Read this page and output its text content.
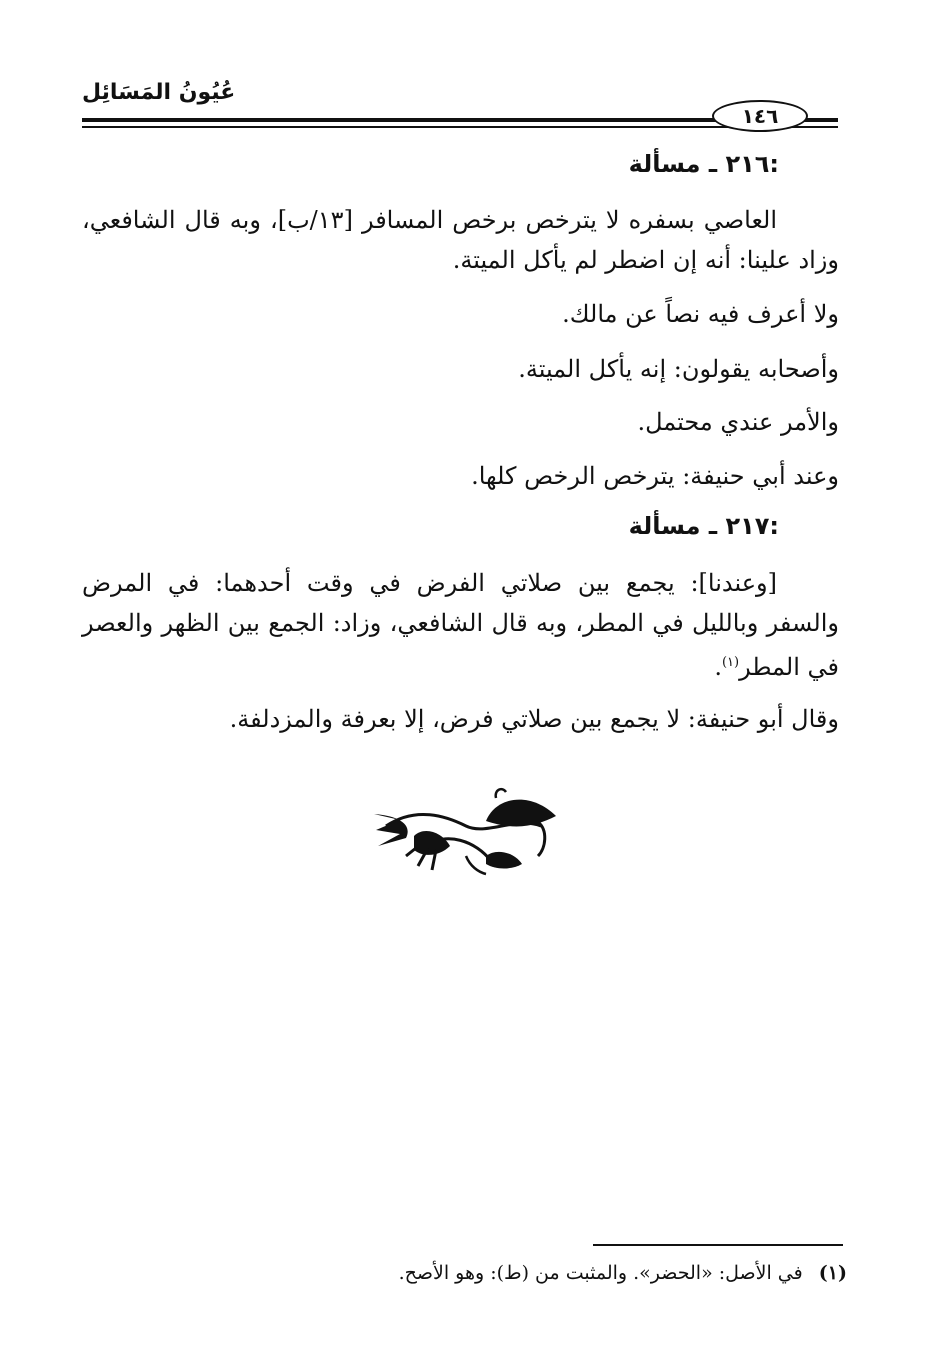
عُيُونُ المَسَائِل
١٤٦
٢١٦ ـ مسألة:
العاصي بسفره لا يترخص برخص المسافر [١٣/ب]، وبه قال الشافعي، وزاد علينا: أنه إن اضطر لم يأكل الميتة.
ولا أعرف فيه نصاً عن مالك.
وأصحابه يقولون: إنه يأكل الميتة.
والأمر عندي محتمل.
وعند أبي حنيفة: يترخص الرخص كلها.
٢١٧ ـ مسألة:
[وعندنا]: يجمع بين صلاتي الفرض في وقت أحدهما: في المرض والسفر وبالليل في المطر، وبه قال الشافعي، وزاد: الجمع بين الظهر والعصر في المطر$^{(١)}$.
وقال أبو حنيفة: لا يجمع بين صلاتي فرض، إلا بعرفة والمزدلفة.
(١) في الأصل: «الحضر». والمثبت من (ط): وهو الأصح.
